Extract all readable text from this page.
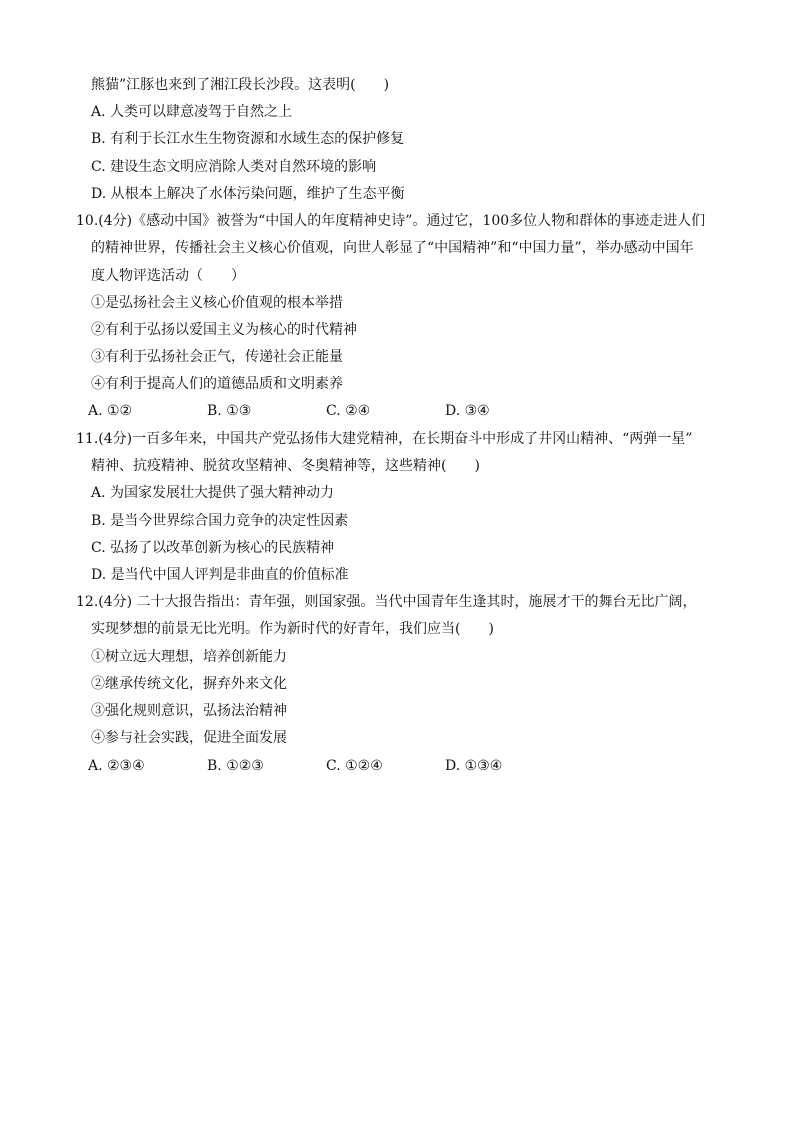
熊猫”江豚也来到了湘江段长沙段。这表明(　　)
A. 人类可以肆意凌驾于自然之上
B. 有利于长江水生生物资源和水域生态的保护修复
C. 建设生态文明应消除人类对自然环境的影响
D. 从根本上解决了水体污染问题，维护了生态平衡
10.(4分)《感动中国》被誉为“中国人的年度精神史诗”。通过它，100多位人物和群体的事迹走进人们
的精神世界，传播社会主义核心价值观，向世人彰显了“中国精神”和“中国力量”，举办感动中国年
度人物评选活动（　　）
①是弘扬社会主义核心价值观的根本举措
②有利于弘扬以爱国主义为核心的时代精神
③有利于弘扬社会正气，传递社会正能量
④有利于提高人们的道德品质和文明素养
A. ①②	B. ①③	C. ②④	D. ③④
11.(4分)一百多年来，中国共产党弘扬伟大建党精神，在长期奋斗中形成了井冈山精神、“两弹一星”
精神、抗疫精神、脱贫攻坚精神、冬奥精神等，这些精神(　　)
A. 为国家发展壮大提供了强大精神动力
B. 是当今世界综合国力竞争的决定性因素
C. 弘扬了以改革创新为核心的民族精神
D. 是当代中国人评判是非曲直的价值标准
12.(4分) 二十大报告指出：青年强，则国家强。当代中国青年生逢其时，施展才干的舞台无比广阔，
实现梦想的前景无比光明。作为新时代的好青年，我们应当(　　)
①树立远大理想，培养创新能力
②继承传统文化，摒弃外来文化
③强化规则意识，弘扬法治精神
④参与社会实践，促进全面发展
A. ②③④	B. ①②③	C. ①②④	D. ①③④
